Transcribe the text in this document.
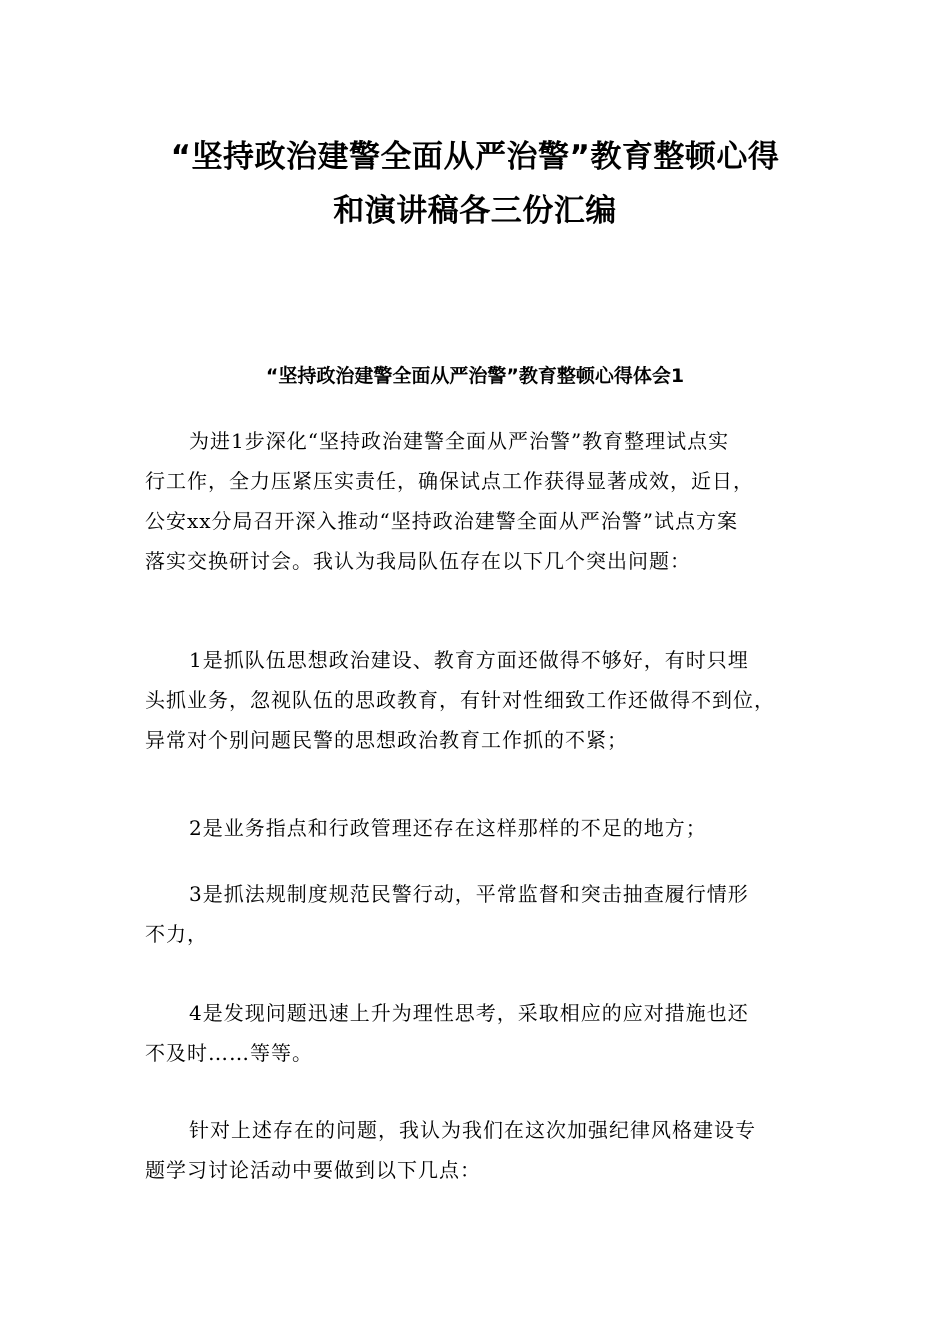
“坚持政治建警全面从严治警”教育整顿心得
和演讲稿各三份汇编
“坚持政治建警全面从严治警”教育整顿心得体会1

为进1步深化“坚持政治建警全面从严治警”教育整理试点实
行工作，全力压紧压实责任，确保试点工作获得显著成效，近日，
公安xx分局召开深入推动“坚持政治建警全面从严治警”试点方案
落实交换研讨会。我认为我局队伍存在以下几个突出问题：

1是抓队伍思想政治建设、教育方面还做得不够好，有时只埋
头抓业务，忽视队伍的思政教育，有针对性细致工作还做得不到位，
异常对个别问题民警的思想政治教育工作抓的不紧；

2是业务指点和行政管理还存在这样那样的不足的地方；

3是抓法规制度规范民警行动，平常监督和突击抽查履行情形
不力，

4是发现问题迅速上升为理性思考，采取相应的应对措施也还
不及时……等等。

针对上述存在的问题，我认为我们在这次加强纪律风格建设专
题学习讨论活动中要做到以下几点：
